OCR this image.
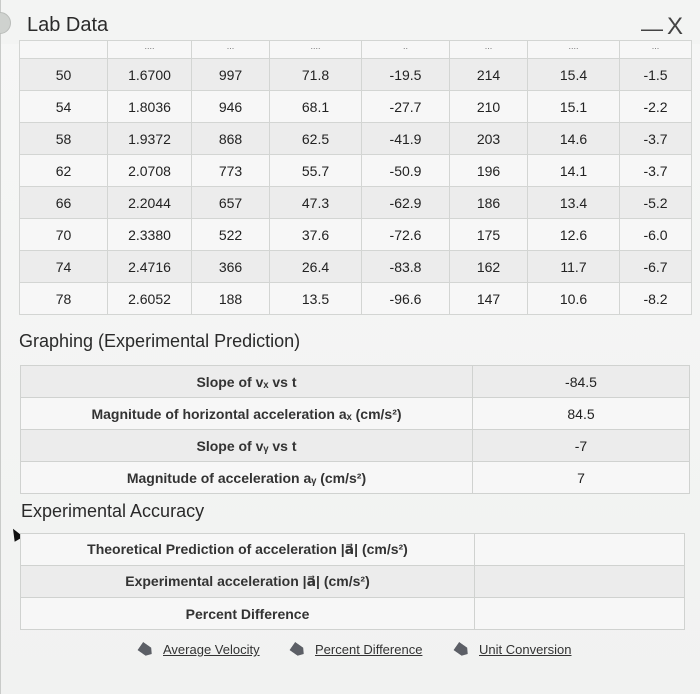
Lab Data	— X
	....	...	....	..	...	....	...
50	1.6700	997	71.8	-19.5	214	15.4	-1.5
54	1.8036	946	68.1	-27.7	210	15.1	-2.2
58	1.9372	868	62.5	-41.9	203	14.6	-3.7
62	2.0708	773	55.7	-50.9	196	14.1	-3.7
66	2.2044	657	47.3	-62.9	186	13.4	-5.2
70	2.3380	522	37.6	-72.6	175	12.6	-6.0
74	2.4716	366	26.4	-83.8	162	11.7	-6.7
78	2.6052	188	13.5	-96.6	147	10.6	-8.2
Graphing (Experimental Prediction)
Slope of vₓ vs t	-84.5
Magnitude of horizontal acceleration aₓ (cm/s²)	84.5
Slope of vᵧ vs t	-7
Magnitude of acceleration aᵧ (cm/s²)	7
Experimental Accuracy
Theoretical Prediction of acceleration |a⃗| (cm/s²)	
Experimental acceleration |a⃗| (cm/s²)	
Percent Difference	
Average Velocity	Percent Difference	Unit Conversion
